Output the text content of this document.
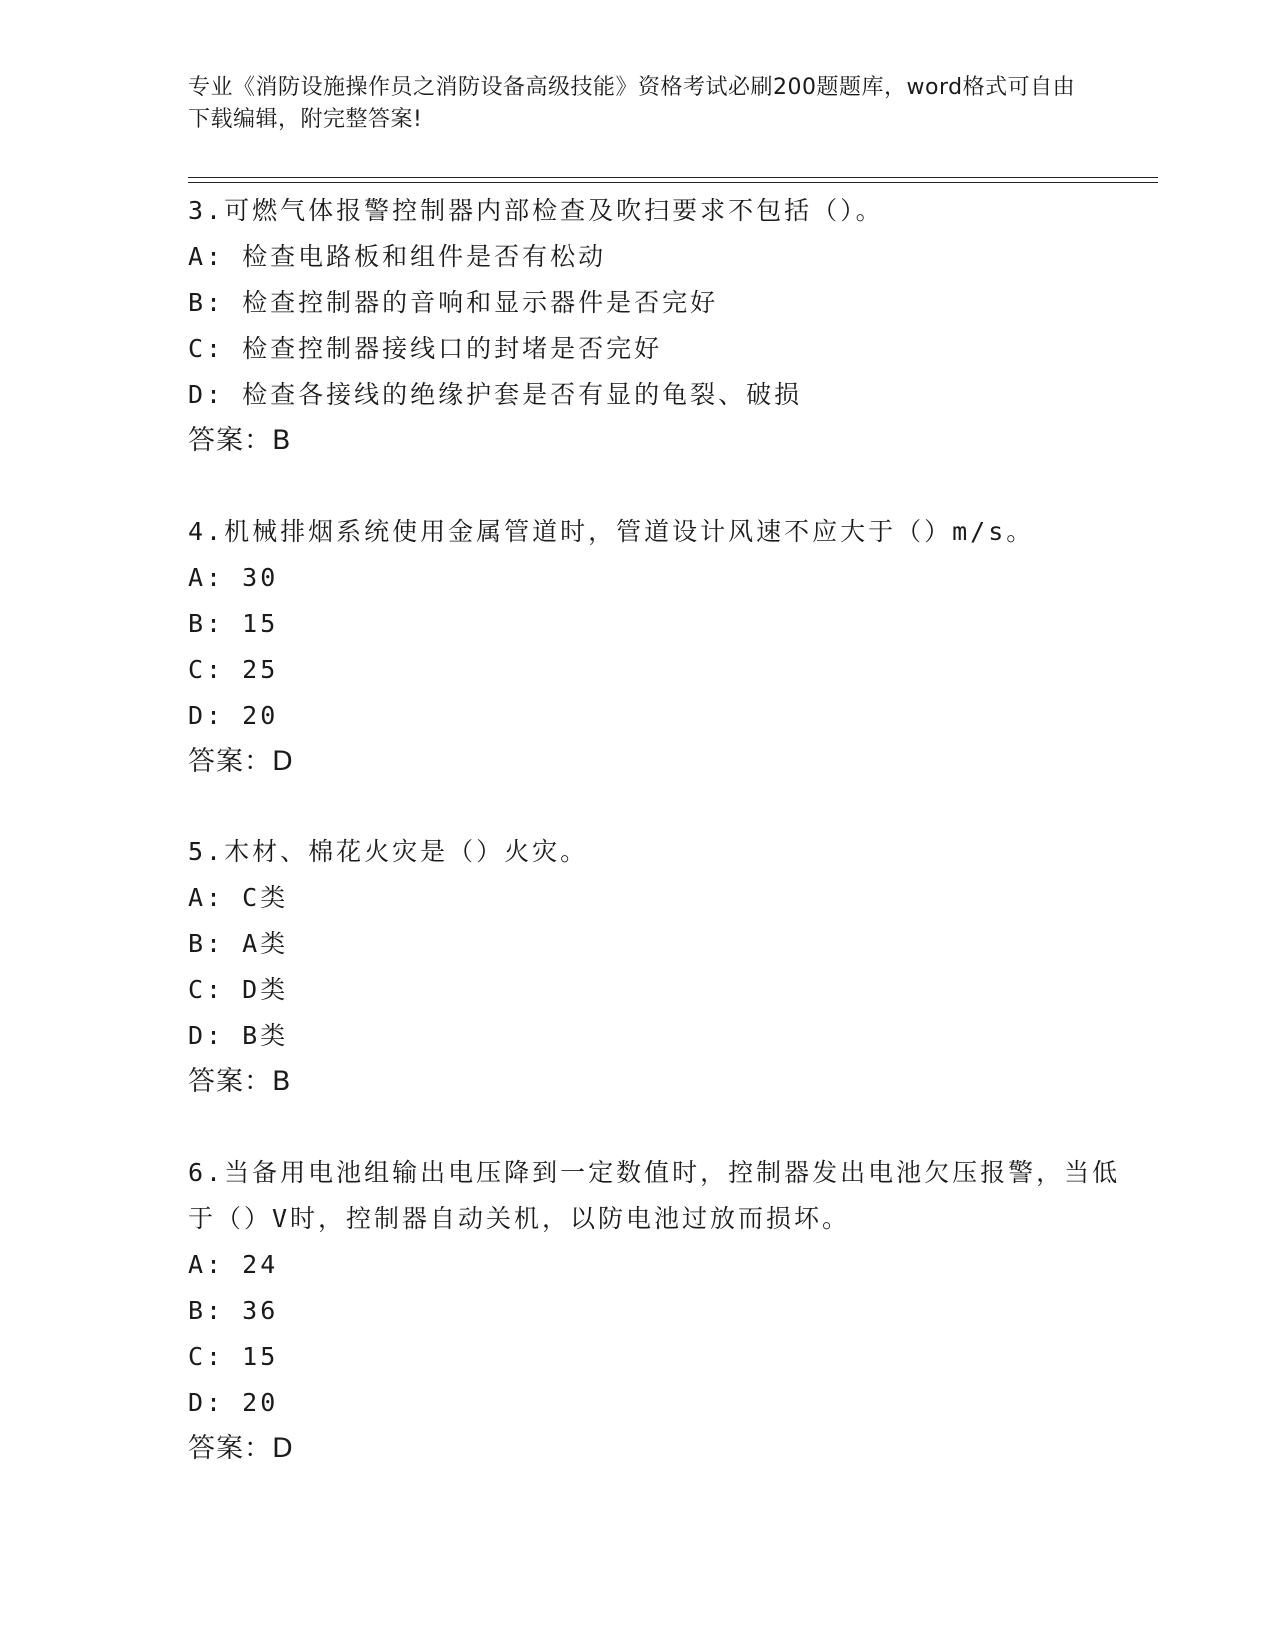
专业《消防设施操作员之消防设备高级技能》资格考试必刷200题题库，word格式可自由下载编辑，附完整答案!
3.可燃气体报警控制器内部检查及吹扫要求不包括（）。
A: 检查电路板和组件是否有松动
B: 检查控制器的音响和显示器件是否完好
C: 检查控制器接线口的封堵是否完好
D: 检查各接线的绝缘护套是否有显的龟裂、破损
答案：B
4.机械排烟系统使用金属管道时，管道设计风速不应大于（）m/s。
A: 30
B: 15
C: 25
D: 20
答案：D
5.木材、棉花火灾是（）火灾。
A: C类
B: A类
C: D类
D: B类
答案：B
6.当备用电池组输出电压降到一定数值时，控制器发出电池欠压报警，当低于（）V时，控制器自动关机，以防电池过放而损坏。
A: 24
B: 36
C: 15
D: 20
答案：D
